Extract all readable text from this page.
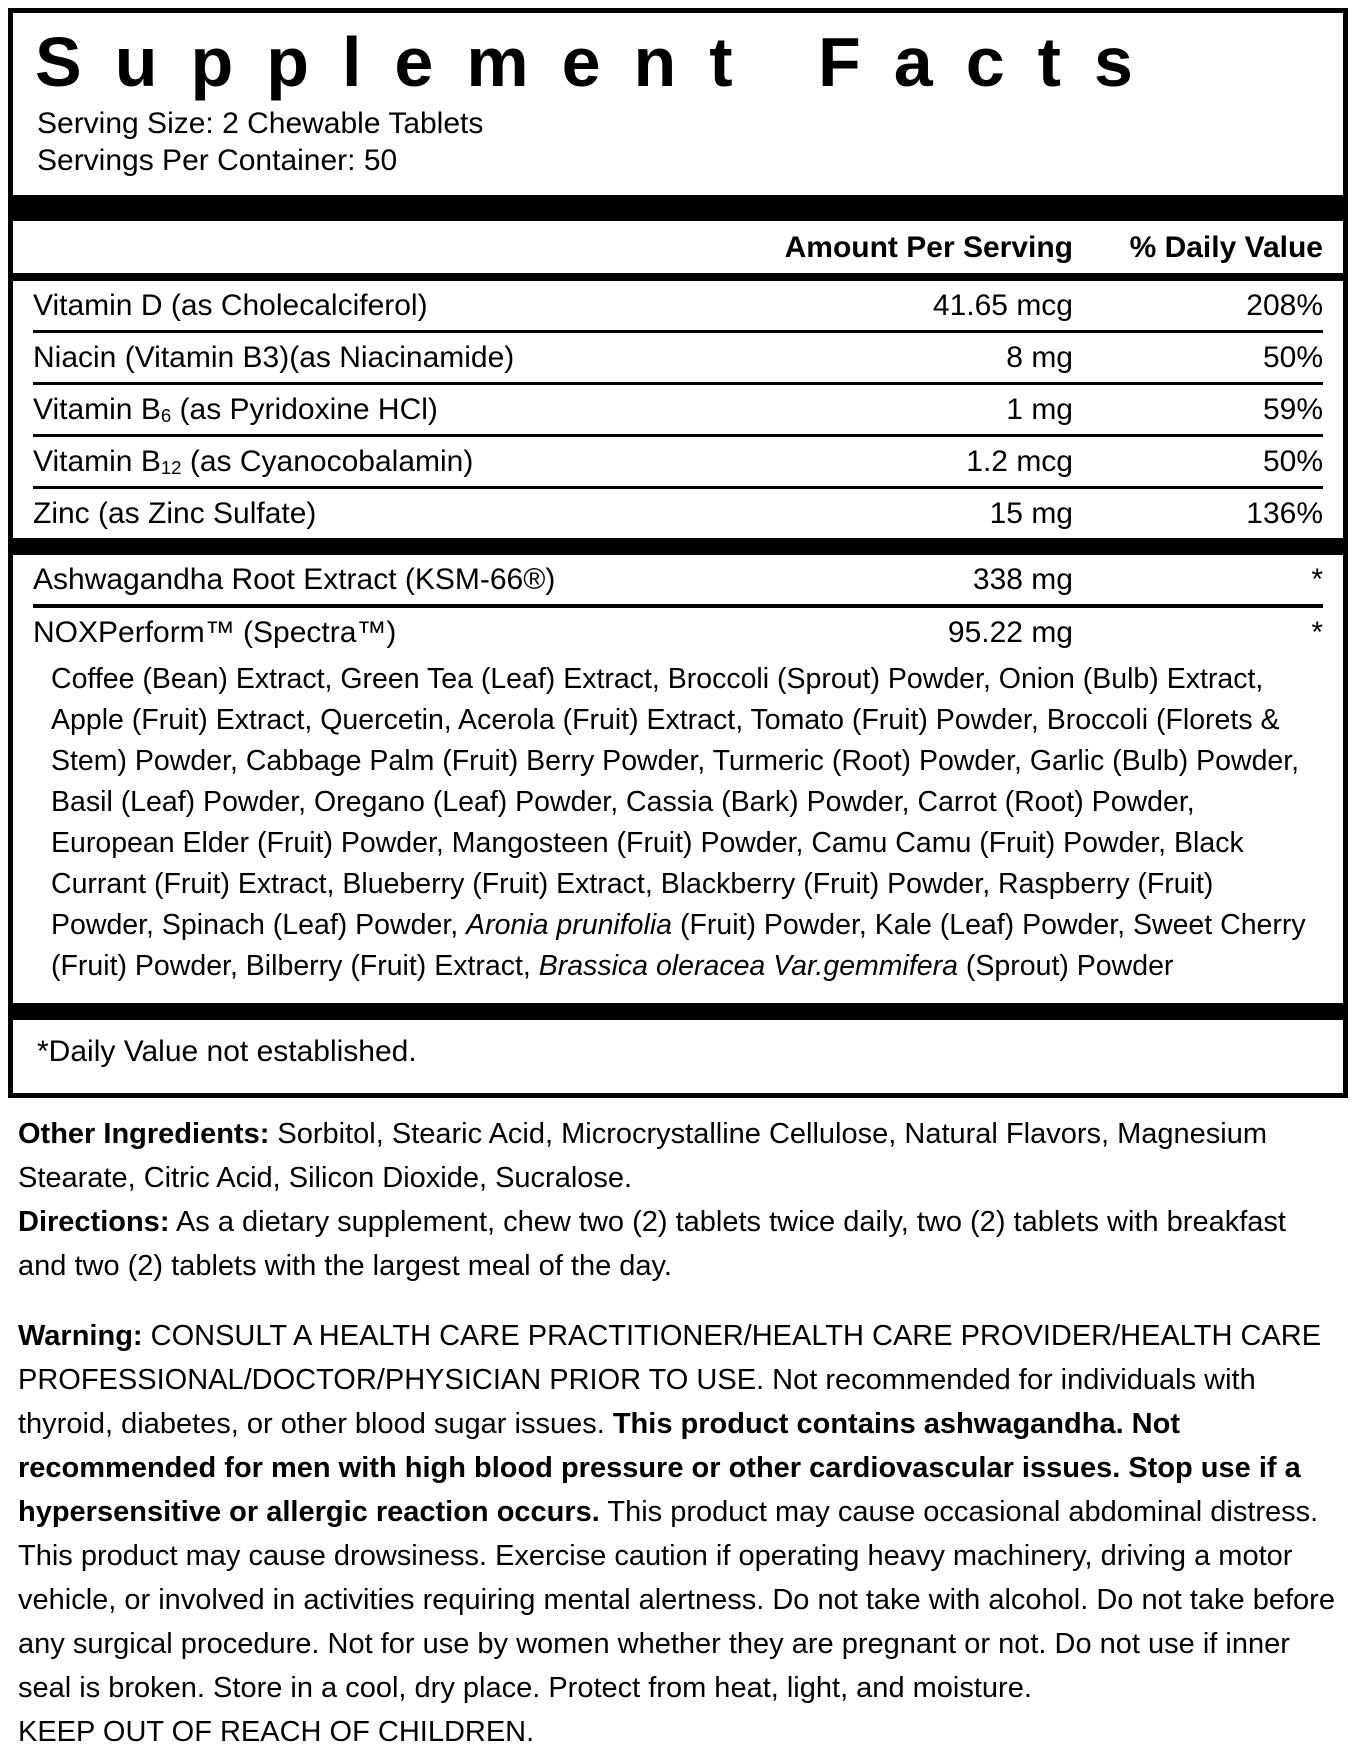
Supplement Facts
Serving Size: 2 Chewable Tablets
Servings Per Container: 50
Amount Per Serving	% Daily Value
Vitamin D (as Cholecalciferol)	41.65 mcg	208%
Niacin (Vitamin B3)(as Niacinamide)	8 mg	50%
Vitamin $B_6$ (as Pyridoxine HCl)	1 mg	59%
Vitamin $B_{12}$ (as Cyanocobalamin)	1.2 mcg	50%
Zinc (as Zinc Sulfate)	15 mg	136%
Ashwagandha Root Extract (KSM-66®)	338 mg	*
NOXPerform™ (Spectra™)	95.22 mg	*
Coffee (Bean) Extract, Green Tea (Leaf) Extract, Broccoli (Sprout) Powder, Onion (Bulb) Extract, Apple (Fruit) Extract, Quercetin, Acerola (Fruit) Extract, Tomato (Fruit) Powder, Broccoli (Florets & Stem) Powder, Cabbage Palm (Fruit) Berry Powder, Turmeric (Root) Powder, Garlic (Bulb) Powder, Basil (Leaf) Powder, Oregano (Leaf) Powder, Cassia (Bark) Powder, Carrot (Root) Powder, European Elder (Fruit) Powder, Mangosteen (Fruit) Powder, Camu Camu (Fruit) Powder, Black Currant (Fruit) Extract, Blueberry (Fruit) Extract, Blackberry (Fruit) Powder, Raspberry (Fruit) Powder, Spinach (Leaf) Powder, Aronia prunifolia (Fruit) Powder, Kale (Leaf) Powder, Sweet Cherry (Fruit) Powder, Bilberry (Fruit) Extract, Brassica oleracea Var.gemmifera (Sprout) Powder
*Daily Value not established.
Other Ingredients: Sorbitol, Stearic Acid, Microcrystalline Cellulose, Natural Flavors, Magnesium Stearate, Citric Acid, Silicon Dioxide, Sucralose.
Directions: As a dietary supplement, chew two (2) tablets twice daily, two (2) tablets with breakfast and two (2) tablets with the largest meal of the day.
Warning: CONSULT A HEALTH CARE PRACTITIONER/HEALTH CARE PROVIDER/HEALTH CARE PROFESSIONAL/DOCTOR/PHYSICIAN PRIOR TO USE. Not recommended for individuals with thyroid, diabetes, or other blood sugar issues. This product contains ashwagandha. Not recommended for men with high blood pressure or other cardiovascular issues. Stop use if a hypersensitive or allergic reaction occurs. This product may cause occasional abdominal distress. This product may cause drowsiness. Exercise caution if operating heavy machinery, driving a motor vehicle, or involved in activities requiring mental alertness. Do not take with alcohol. Do not take before any surgical procedure. Not for use by women whether they are pregnant or not. Do not use if inner seal is broken. Store in a cool, dry place. Protect from heat, light, and moisture.
KEEP OUT OF REACH OF CHILDREN.
